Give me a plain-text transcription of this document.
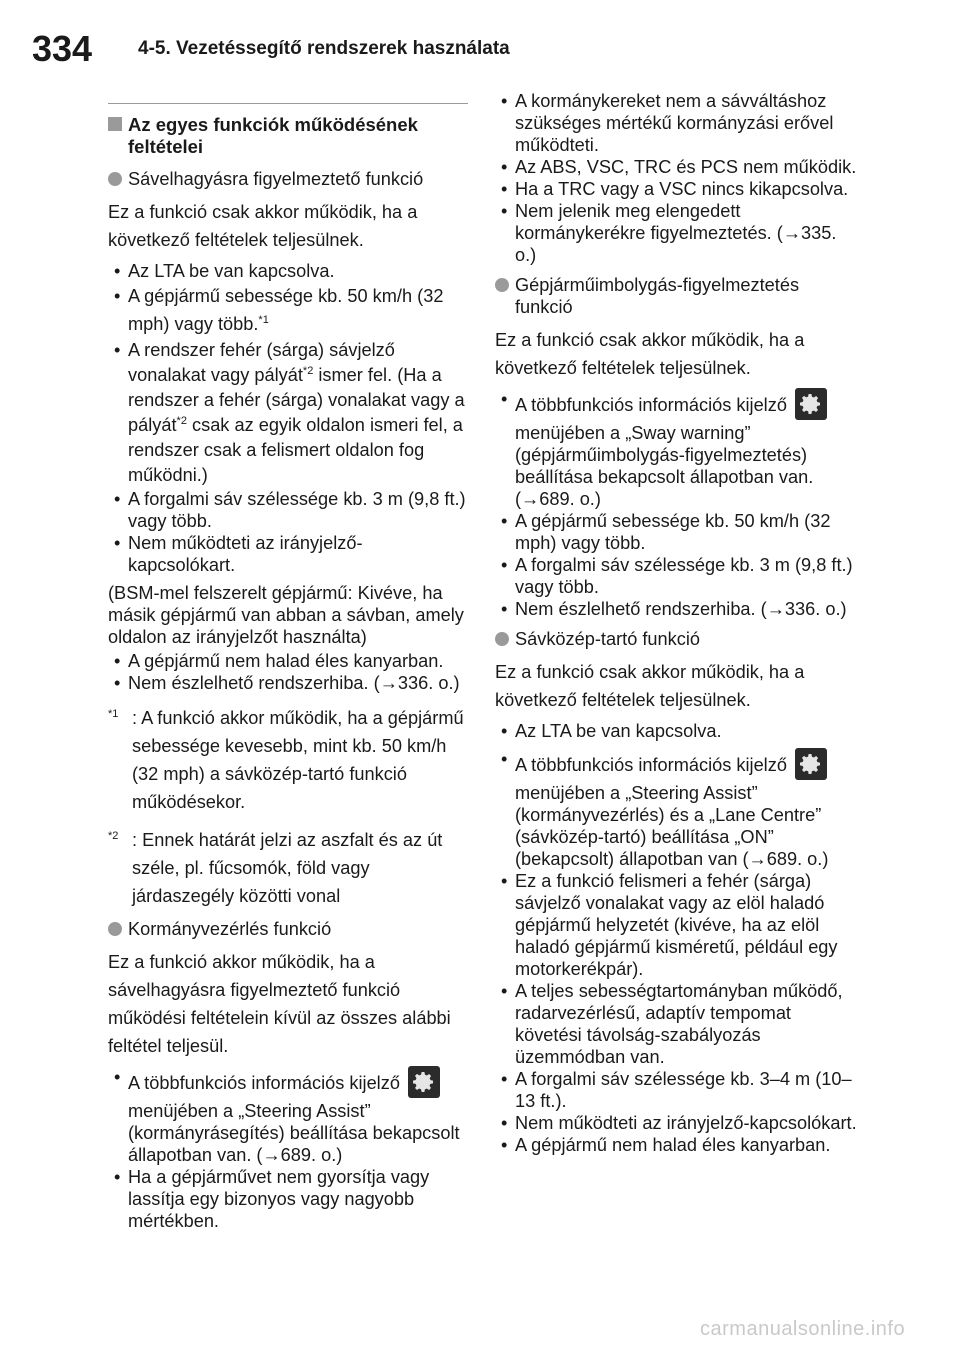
334 4-5. Vezetéssegítő rendszerek használata
Az egyes funkciók működésének feltételei
Sávelhagyásra figyelmeztető funkció

Ez a funkció csak akkor működik, ha a következő feltételek teljesülnek.

• Az LTA be van kapcsolva.
• A gépjármű sebessége kb. 50 km/h (32 mph) vagy több.$^{*1}$
• A rendszer fehér (sárga) sávjelző vonalakat vagy pályát$^{*2}$ ismer fel. (Ha a rendszer a fehér (sárga) vonalakat vagy a pályát$^{*2}$ csak az egyik oldalon ismeri fel, a rendszer csak a felismert oldalon fog működni.)
• A forgalmi sáv szélessége kb. 3 m (9,8 ft.) vagy több.
• Nem működteti az irányjelző-kapcsolókart.

(BSM-mel felszerelt gépjármű: Kivéve, ha másik gépjármű van abban a sávban, amely oldalon az irányjelzőt használta)

• A gépjármű nem halad éles kanyarban.
• Nem észlelhető rendszerhiba. (→336. o.)
$^{*1}$ : A funkció akkor működik, ha a gépjármű sebessége kevesebb, mint kb. 50 km/h (32 mph) a sávközép-tartó funkció működésekor.
$^{*2}$ : Ennek határát jelzi az aszfalt és az út széle, pl. fűcsomók, föld vagy járdaszegély közötti vonal
Kormányvezérlés funkció

Ez a funkció akkor működik, ha a sávelhagyásra figyelmeztető funkció működési feltételein kívül az összes alábbi feltétel teljesül.

• A többfunkciós információs kijelző

menüjében a „Steering Assist” (kormányrásegítés) beállítása bekapcsolt állapotban van. (→689. o.)
• Ha a gépjárművet nem gyorsítja vagy lassítja egy bizonyos vagy nagyobb mértékben.
• A kormánykereket nem a sávváltáshoz szükséges mértékű kormányzási erővel működteti.
• Az ABS, VSC, TRC és PCS nem működik.
• Ha a TRC vagy a VSC nincs kikapcsolva.
• Nem jelenik meg elengedett kormánykerékre figyelmeztetés. (→335. o.)
Gépjárműimbolygás-figyelmeztetés funkció

Ez a funkció csak akkor működik, ha a következő feltételek teljesülnek.

• A többfunkciós információs kijelző

menüjében a „Sway warning” (gépjárműimbolygás-figyelmeztetés) beállítása bekapcsolt állapotban van. (→689. o.)
• A gépjármű sebessége kb. 50 km/h (32 mph) vagy több.
• A forgalmi sáv szélessége kb. 3 m (9,8 ft.) vagy több.
• Nem észlelhető rendszerhiba. (→336. o.)
Sávközép-tartó funkció

Ez a funkció csak akkor működik, ha a következő feltételek teljesülnek.

• Az LTA be van kapcsolva.
• A többfunkciós információs kijelző

menüjében a „Steering Assist” (kormányvezérlés) és a „Lane Centre” (sávközép-tartó) beállítása „ON” (bekapcsolt) állapotban van (→689. o.)
• Ez a funkció felismeri a fehér (sárga) sávjelző vonalakat vagy az elöl haladó gépjármű helyzetét (kivéve, ha az elöl haladó gépjármű kisméretű, például egy motorkerékpár).
• A teljes sebességtartományban működő, radarvezérlésű, adaptív tempomat követési távolság-szabályozás üzemmódban van.
• A forgalmi sáv szélessége kb. 3–4 m (10–13 ft.).
• Nem működteti az irányjelző-kapcsolókart.
• A gépjármű nem halad éles kanyarban.
carmanualsonline.info
